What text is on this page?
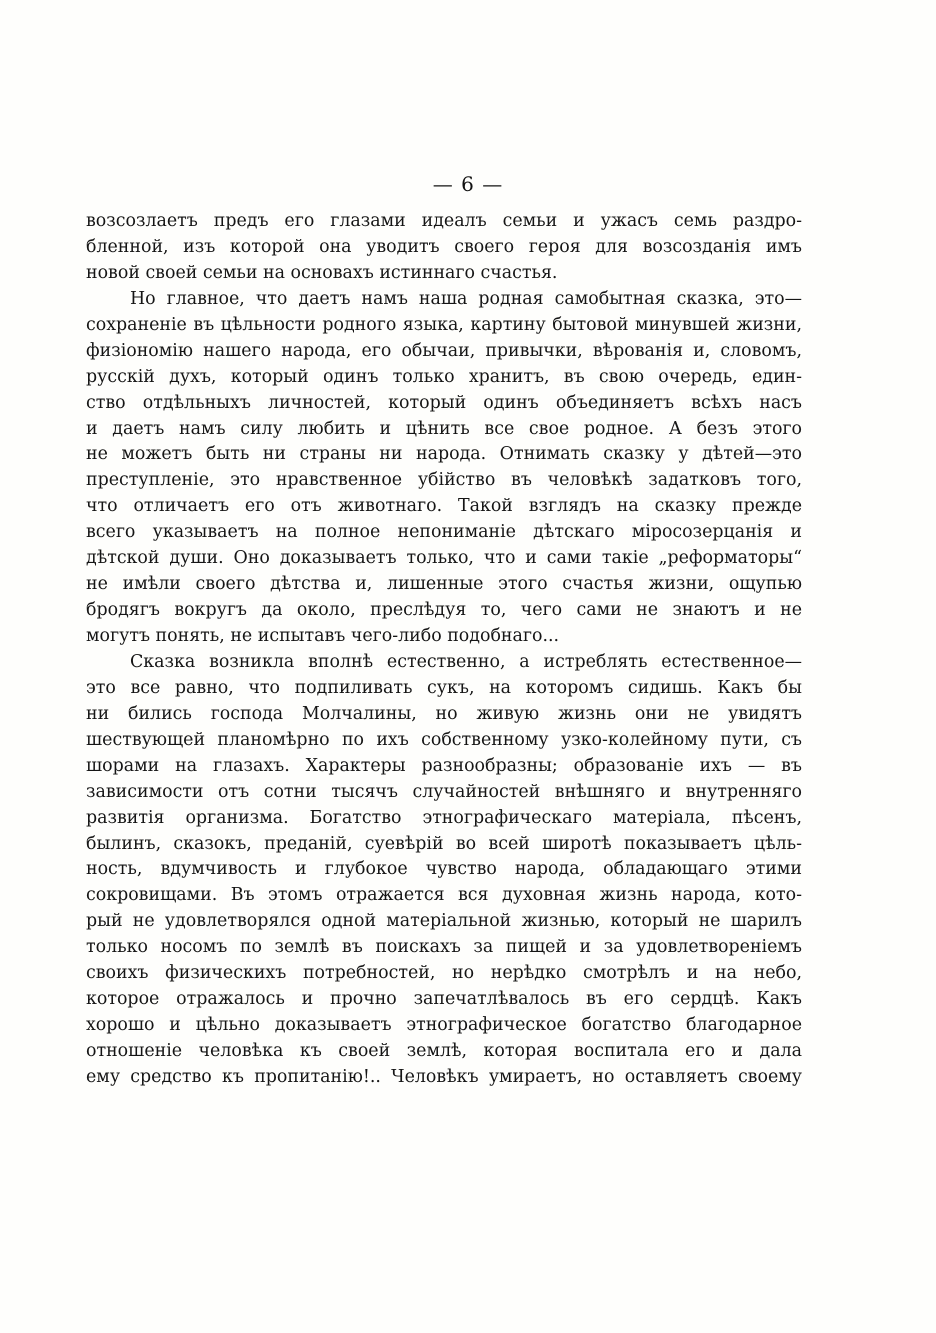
— 6 —
возсозлаетъ предъ его глазами идеалъ семьи и ужасъ семь раздро-
бленной, изъ которой она уводитъ своего героя для возсозданія имъ
новой своей семьи на основахъ истиннаго счастья.
Но главное, что даетъ намъ наша родная самобытная сказка, это—
сохраненіе въ цѣльности родного языка, картину бытовой минувшей жизни,
физіономію нашего народа, его обычаи, привычки, вѣрованія и, словомъ,
русскій духъ, который одинъ только хранитъ, въ свою очередь, един-
ство отдѣльныхъ личностей, который одинъ объединяетъ всѣхъ насъ
и даетъ намъ силу любить и цѣнить все свое родное. А безъ этого
не можетъ быть ни страны ни народа. Отнимать сказку у дѣтей—это
преступленіе, это нравственное убійство въ человѣкѣ задатковъ того,
что отличаетъ его отъ животнаго. Такой взглядъ на сказку прежде
всего указываетъ на полное непониманіе дѣтскаго міросозерцанія и
дѣтской души. Оно доказываетъ только, что и сами такіе „реформаторы“
не имѣли своего дѣтства и, лишенные этого счастья жизни, ощупью
бродягъ вокругъ да около, преслѣдуя то, чего сами не знаютъ и не
могутъ понять, не испытавъ чего-либо подобнаго...
Сказка возникла вполнѣ естественно, а истреблять естественное—
это все равно, что подпиливать сукъ, на которомъ сидишь. Какъ бы
ни бились господа Молчалины, но живую жизнь они не увидятъ
шествующей планомѣрно по ихъ собственному узко-колейному пути, съ
шорами на глазахъ. Характеры разнообразны; образованіе ихъ — въ
зависимости отъ сотни тысячъ случайностей внѣшняго и внутренняго
развитія организма. Богатство этнографическаго матеріала, пѣсенъ,
былинъ, сказокъ, преданій, суевѣрій во всей широтѣ показываетъ цѣль-
ность, вдумчивость и глубокое чувство народа, обладающаго этими
сокровищами. Въ этомъ отражается вся духовная жизнь народа, кото-
рый не удовлетворялся одной матеріальной жизнью, который не шарилъ
только носомъ по землѣ въ поискахъ за пищей и за удовлетвореніемъ
своихъ физическихъ потребностей, но нерѣдко смотрѣлъ и на небо,
которое отражалось и прочно запечатлѣвалось въ его сердцѣ. Какъ
хорошо и цѣльно доказываетъ этнографическое богатство благодарное
отношеніе человѣка къ своей землѣ, которая воспитала его и дала
ему средство къ пропитанію!.. Человѣкъ умираетъ, но оставляетъ своему
